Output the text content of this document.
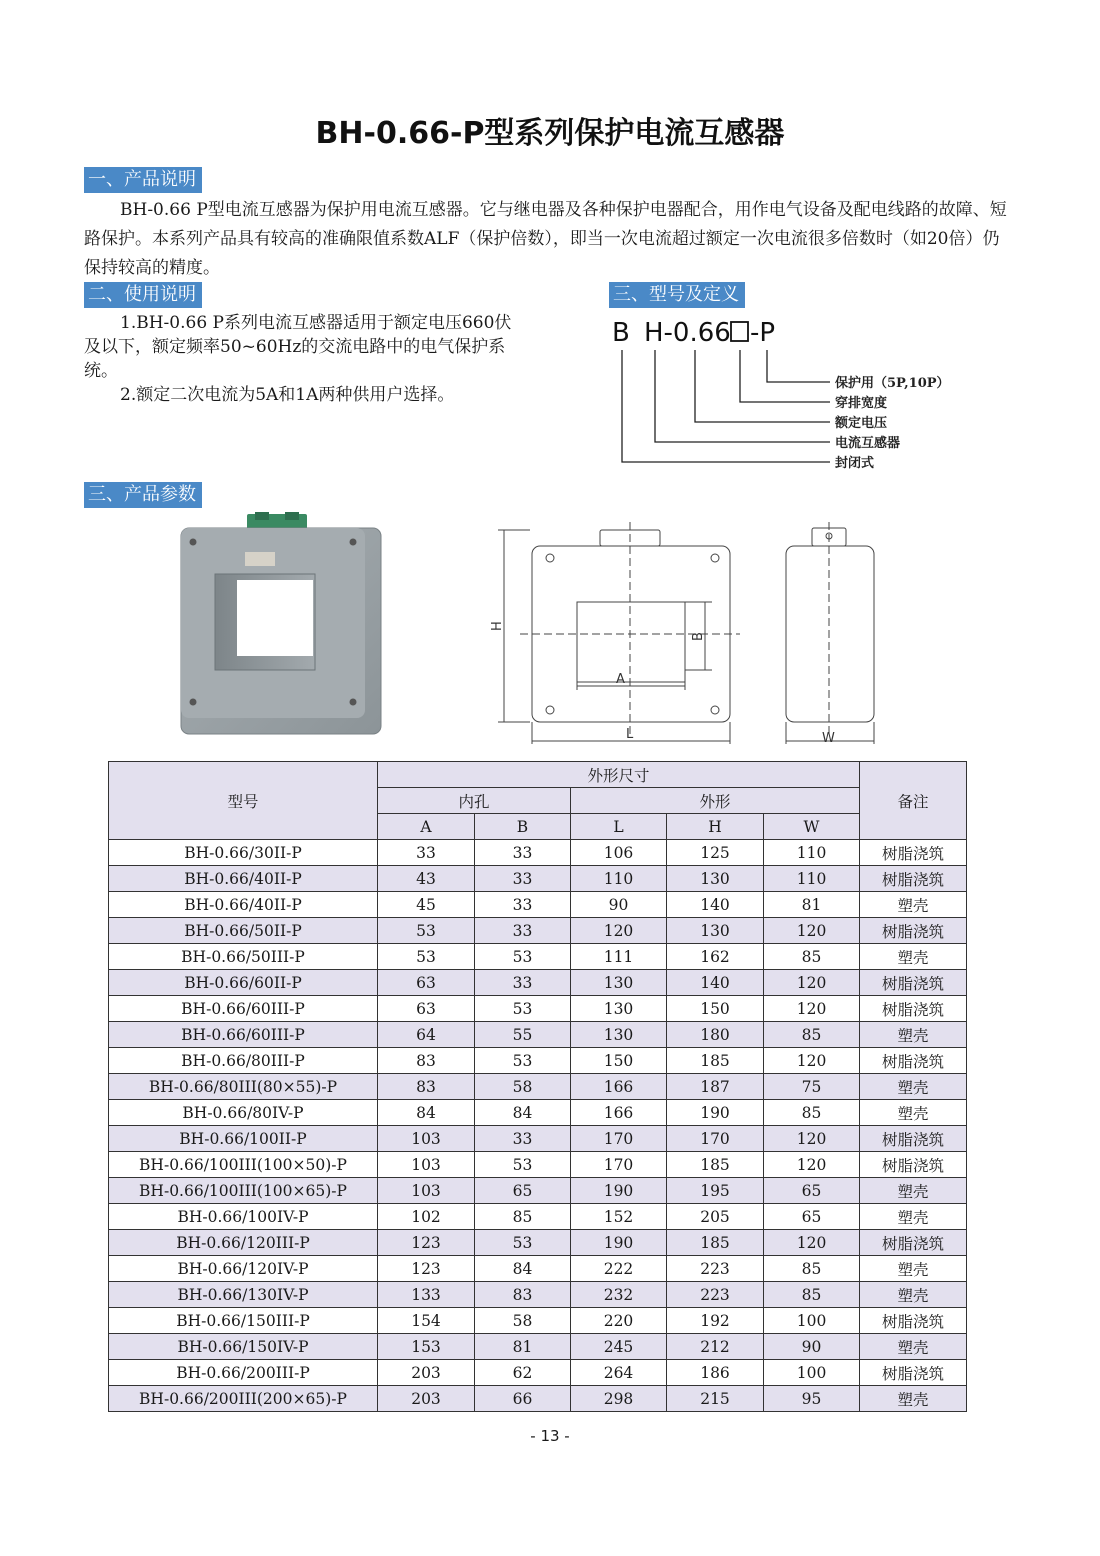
BH-0.66-P型系列保护电流互感器
一、产品说明

BH-0.66 P型电流互感器为保护用电流互感器。它与继电器及各种保护电器配合，用作电气设备及配电线路的故障、短路保护。本系列产品具有较高的准确限值系数ALF（保护倍数），即当一次电流超过额定一次电流很多倍数时（如20倍）仍保持较高的精度。

二、使用说明

1.BH-0.66 P系列电流互感器适用于额定电压660伏及以下，额定频率50~60Hz的交流电路中的电气保护系统。

2.额定二次电流为5A和1A两种供用户选择。

三、型号及定义
B H-0.66 -P
保护用（5P,10P）
穿排宽度
额定电压
电流互感器
封闭式
三、产品参数
H
B
A
L	W
型号	外形尺寸					备注
	内孔		外形			
	A	B	L	H	W	
BH-0.66/30II-P	33	33	106	125	110	树脂浇筑
BH-0.66/40II-P	43	33	110	130	110	树脂浇筑
BH-0.66/40II-P	45	33	90	140	81	塑壳
BH-0.66/50II-P	53	33	120	130	120	树脂浇筑
BH-0.66/50III-P	53	53	111	162	85	塑壳
BH-0.66/60II-P	63	33	130	140	120	树脂浇筑
BH-0.66/60III-P	63	53	130	150	120	树脂浇筑
BH-0.66/60III-P	64	55	130	180	85	塑壳
BH-0.66/80III-P	83	53	150	185	120	树脂浇筑
BH-0.66/80III(80×55)-P	83	58	166	187	75	塑壳
BH-0.66/80IV-P	84	84	166	190	85	塑壳
BH-0.66/100II-P	103	33	170	170	120	树脂浇筑
BH-0.66/100III(100×50)-P	103	53	170	185	120	树脂浇筑
BH-0.66/100III(100×65)-P	103	65	190	195	65	塑壳
BH-0.66/100IV-P	102	85	152	205	65	塑壳
BH-0.66/120III-P	123	53	190	185	120	树脂浇筑
BH-0.66/120IV-P	123	84	222	223	85	塑壳
BH-0.66/130IV-P	133	83	232	223	85	塑壳
BH-0.66/150III-P	154	58	220	192	100	树脂浇筑
BH-0.66/150IV-P	153	81	245	212	90	塑壳
BH-0.66/200III-P	203	62	264	186	100	树脂浇筑
BH-0.66/200III(200×65)-P	203	66	298	215	95	塑壳
- 13 -
